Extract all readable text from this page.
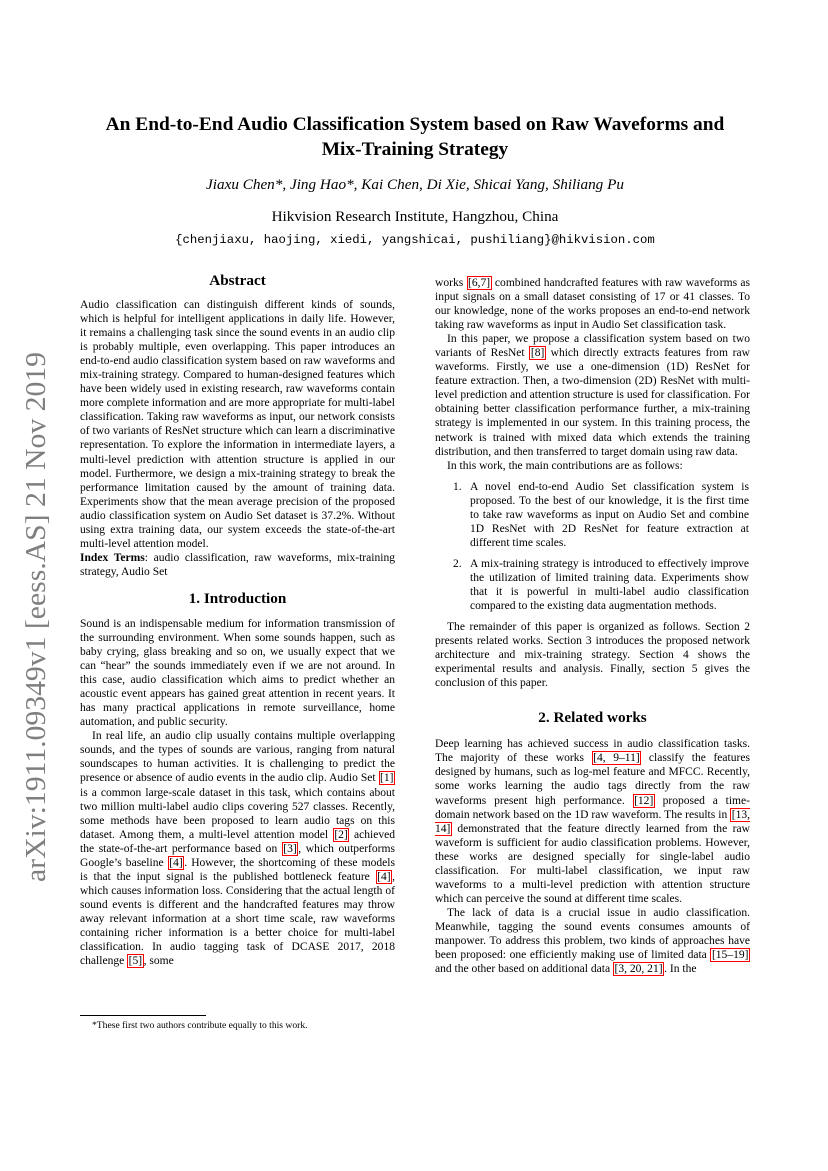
arXiv:1911.09349v1 [eess.AS] 21 Nov 2019
An End-to-End Audio Classification System based on Raw Waveforms and
Mix-Training Strategy
Jiaxu Chen*, Jing Hao*, Kai Chen, Di Xie, Shicai Yang, Shiliang Pu
Hikvision Research Institute, Hangzhou, China
{chenjiaxu, haojing, xiedi, yangshicai, pushiliang}@hikvision.com
Abstract

Audio classification can distinguish different kinds of sounds, which is helpful for intelligent applications in daily life. However, it remains a challenging task since the sound events in an audio clip is probably multiple, even overlapping. This paper introduces an end-to-end audio classification system based on raw waveforms and mix-training strategy. Compared to human-designed features which have been widely used in existing research, raw waveforms contain more complete information and are more appropriate for multi-label classification. Taking raw waveforms as input, our network consists of two variants of ResNet structure which can learn a discriminative representation. To explore the information in intermediate layers, a multi-level prediction with attention structure is applied in our model. Furthermore, we design a mix-training strategy to break the performance limitation caused by the amount of training data. Experiments show that the mean average precision of the proposed audio classification system on Audio Set dataset is 37.2%. Without using extra training data, our system exceeds the state-of-the-art multi-level attention model.

Index Terms: audio classification, raw waveforms, mix-training strategy, Audio Set

1. Introduction

Sound is an indispensable medium for information transmission of the surrounding environment. When some sounds happen, such as baby crying, glass breaking and so on, we usually expect that we can “hear” the sounds immediately even if we are not around. In this case, audio classification which aims to predict whether an acoustic event appears has gained great attention in recent years. It has many practical applications in remote surveillance, home automation, and public security.

In real life, an audio clip usually contains multiple overlapping sounds, and the types of sounds are various, ranging from natural soundscapes to human activities. It is challenging to predict the presence or absence of audio events in the audio clip. Audio Set [1] is a common large-scale dataset in this task, which contains about two million multi-label audio clips covering 527 classes. Recently, some methods have been proposed to learn audio tags on this dataset. Among them, a multi-level attention model [2] achieved the state-of-the-art performance based on [3] , which outperforms Google’s baseline [4] . However, the shortcoming of these models is that the input signal is the published bottleneck feature [4] , which causes information loss. Considering that the actual length of sound events is different and the handcrafted features may throw away relevant information at a short time scale, raw waveforms containing richer information is a better choice for multi-label classification. In audio tagging task of DCASE 2017, 2018 challenge [5] , some

works [6,7] combined handcrafted features with raw waveforms as input signals on a small dataset consisting of 17 or 41 classes. To our knowledge, none of the works proposes an end-to-end network taking raw waveforms as input in Audio Set classification task.

In this paper, we propose a classification system based on two variants of ResNet [8] which directly extracts features from raw waveforms. Firstly, we use a one-dimension (1D) ResNet for feature extraction. Then, a two-dimension (2D) ResNet with multi-level prediction and attention structure is used for classification. For obtaining better classification performance further, a mix-training strategy is implemented in our system. In this training process, the network is trained with mixed data which extends the training distribution, and then transferred to target domain using raw data.

In this work, the main contributions are as follows:

1. A novel end-to-end Audio Set classification system is proposed. To the best of our knowledge, it is the first time to take raw waveforms as input on Audio Set and combine 1D ResNet with 2D ResNet for feature extraction at different time scales.
2. A mix-training strategy is introduced to effectively improve the utilization of limited training data. Experiments show that it is powerful in multi-label audio classification compared to the existing data augmentation methods.

The remainder of this paper is organized as follows. Section 2 presents related works. Section 3 introduces the proposed network architecture and mix-training strategy. Section 4 shows the experimental results and analysis. Finally, section 5 gives the conclusion of this paper.

2. Related works

Deep learning has achieved success in audio classification tasks. The majority of these works [4, 9–11] classify the features designed by humans, such as log-mel feature and MFCC. Recently, some works learning the audio tags directly from the raw waveforms present high performance. [12] proposed a time-domain network based on the 1D raw waveform. The results in [13, 14] demonstrated that the feature directly learned from the raw waveform is sufficient for audio classification problems. However, these works are designed specially for single-label audio classification. For multi-label classification, we input raw waveforms to a multi-level prediction with attention structure which can perceive the sound at different time scales.

The lack of data is a crucial issue in audio classification. Meanwhile, tagging the sound events consumes amounts of manpower. To address this problem, two kinds of approaches have been proposed: one efficiently making use of limited data [15–19] and the other based on additional data [3, 20, 21] . In the

*These first two authors contribute equally to this work.
